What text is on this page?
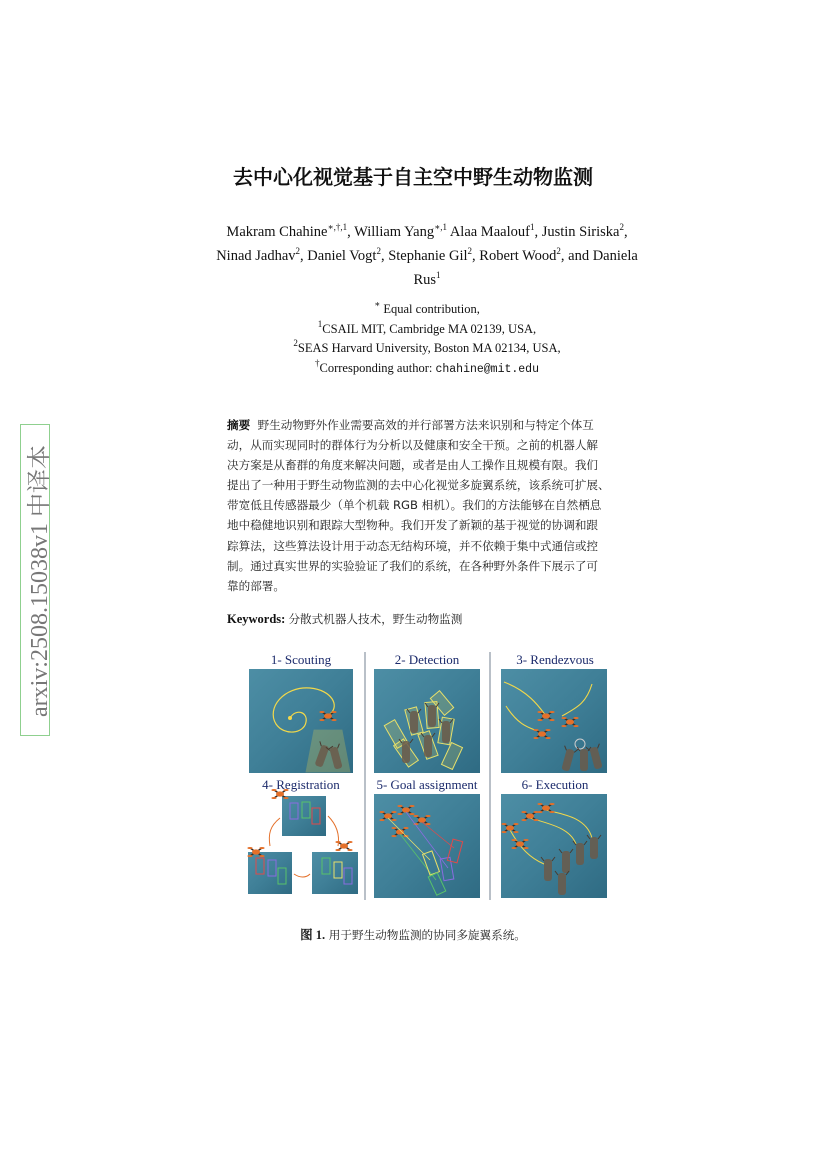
arxiv:2508.15038v1 中译本
去中心化视觉基于自主空中野生动物监测
Makram Chahine$^{∗,\dagger,1}$, William Yang$^{∗,1}$ Alaa Maalouf$^1$, Justin Siriska$^2$,
Ninad Jadhav$^2$, Daniel Vogt$^2$, Stephanie Gil$^2$, Robert Wood$^2$, and Daniela
Rus$^1$
∗ Equal contribution,
$^1$CSAIL MIT, Cambridge MA 02139, USA,
$^2$SEAS Harvard University, Boston MA 02134, USA,
†Corresponding author: chahine@mit.edu
摘要 野生动物野外作业需要高效的并行部署方法来识别和与特定个体互
动，从而实现同时的群体行为分析以及健康和安全干预。之前的机器人解
决方案是从畜群的角度来解决问题，或者是由人工操作且规模有限。我们
提出了一种用于野生动物监测的去中心化视觉多旋翼系统，该系统可扩展、
带宽低且传感器最少（单个机载 RGB 相机）。我们的方法能够在自然栖息
地中稳健地识别和跟踪大型物种。我们开发了新颖的基于视觉的协调和跟
踪算法，这些算法设计用于动态无结构环境，并不依赖于集中式通信或控
制。通过真实世界的实验验证了我们的系统，在各种野外条件下展示了可
靠的部署。
Keywords: 分散式机器人技术，野生动物监测
1- Scouting	2- Detection	3- Rendezvous
4- Registration	5- Goal assignment	6- Execution
图 1. 用于野生动物监测的协同多旋翼系统。
